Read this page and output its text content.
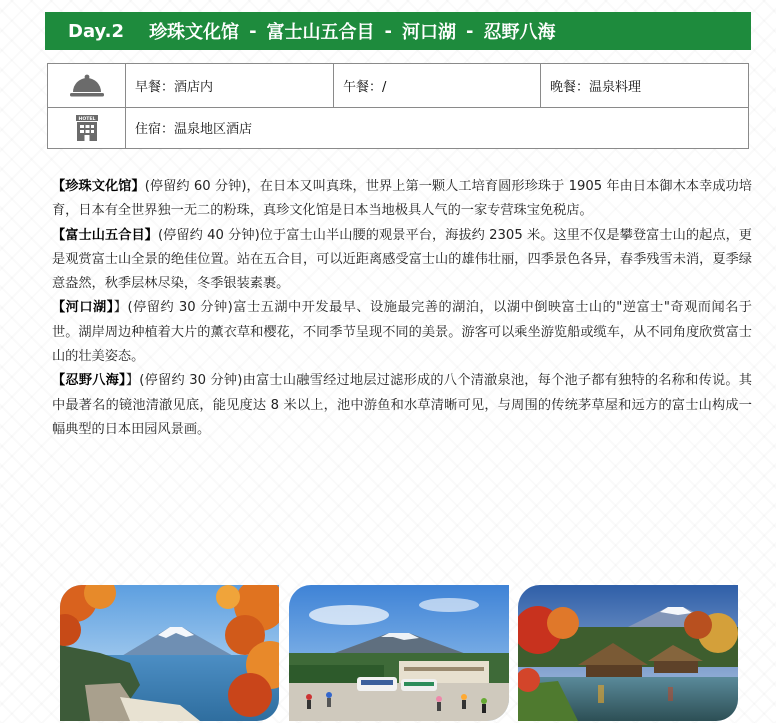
Day.2
珍珠文化馆 - 富士山五合目 - 河口湖 - 忍野八海
早餐：酒店内	午餐：/	晚餐：温泉料理
HOTEL
住宿：温泉地区酒店

【珍珠文化馆】(停留约 60 分钟)，在日本又叫真珠，世界上第一颗人工培育圆形珍珠于 1905 年由日本御木本幸成功培育，日本有全世界独一无二的粉珠，真珍文化馆是日本当地极具人气的一家专营珠宝免税店。

【富士山五合目】(停留约 40 分钟)位于富士山半山腰的观景平台，海拔约 2305 米。这里不仅是攀登富士山的起点，更是观赏富士山全景的绝佳位置。站在五合目，可以近距离感受富士山的雄伟壮丽，四季景色各异，春季残雪未消，夏季绿意盎然，秋季层林尽染，冬季银装素裹。

【河口湖】】(停留约 30 分钟)富士五湖中开发最早、设施最完善的湖泊，以湖中倒映富士山的"逆富士"奇观而闻名于世。湖岸周边种植着大片的薰衣草和樱花，不同季节呈现不同的美景。游客可以乘坐游览船或缆车，从不同角度欣赏富士山的壮美姿态。

【忍野八海】】(停留约 30 分钟)由富士山融雪经过地层过滤形成的八个清澈泉池，每个池子都有独特的名称和传说。其中最著名的镜池清澈见底，能见度达 8 米以上，池中游鱼和水草清晰可见，与周围的传统茅草屋和远方的富士山构成一幅典型的日本田园风景画。
